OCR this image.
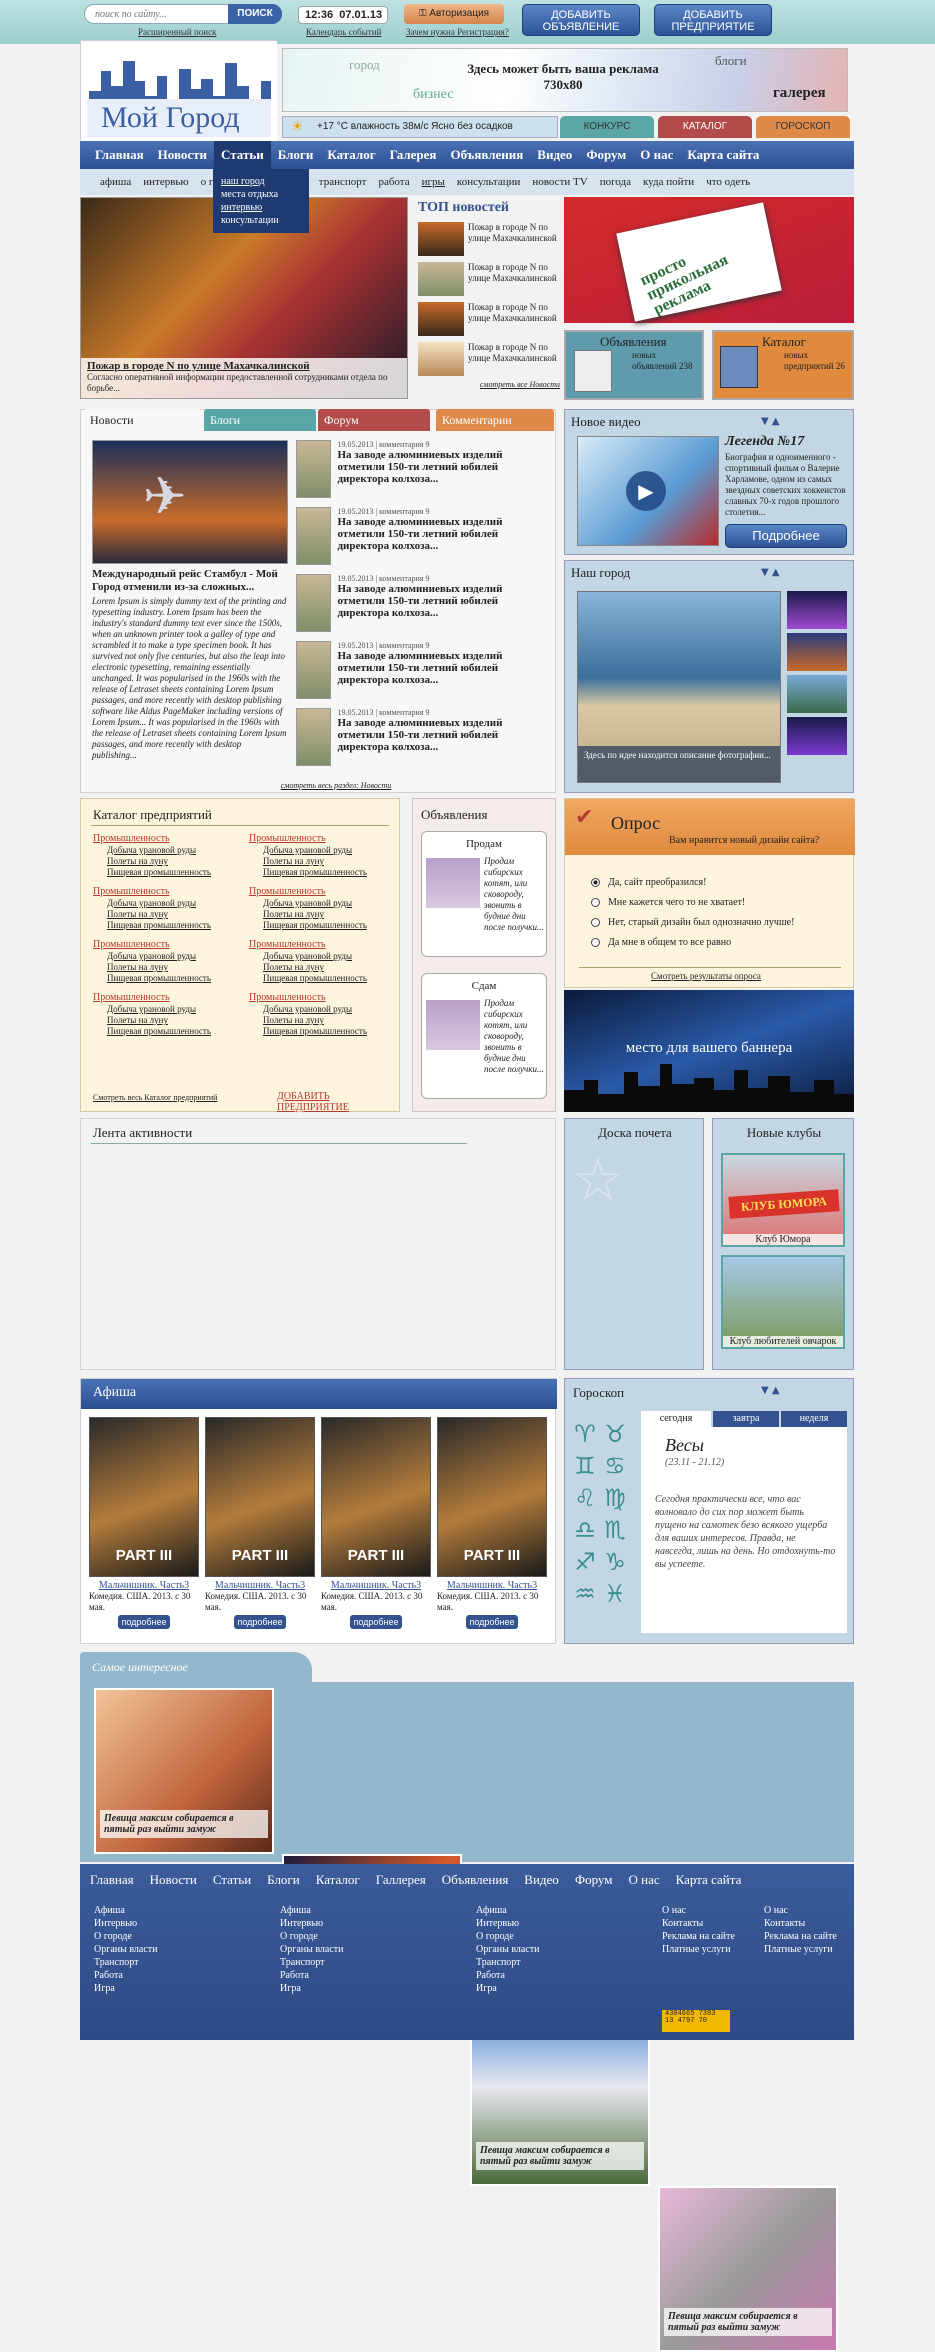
поиск по сайту...
ПОИСК
Расширенный поиск
12:36 07.01.13
Календарь событий
⚿ Авторизация
Зачем нужна Регистрация?
ДОБАВИТЬ ОБЪЯВЛЕНИЕ
ДОБАВИТЬ ПРЕДПРИЯТИЕ
Мой Город
Здесь может быть ваша реклама
730х80
город
бизнес
блоги
галерея
☀ +17 °C влажность 38м/с Ясно без осадков	КОНКУРС	КАТАЛОГ	ГОРОСКОП
Главная	Новости	Статьи	Блоги	Каталог	Галерея	Объявления	Видео	Форум	О нас	Карта сайта
афиша	интервью	о г	транспорт	работа	игры	консультации	новости TV	погода	куда пойти	что одеть
наш город
места отдыха
интервью
консультации
Пожар в городе N по улице Махачкалинской
Согласно оперативной информации предоставленной сотрудниками отдела по борьбе...
ТОП новостей
Пожар в городе N по улице Махачкалинской
Пожар в городе N по улице Махачкалинской
Пожар в городе N по улице Махачкалинской
Пожар в городе N по улице Махачкалинской
смотреть все Новости
просто прикольная реклама
Объявления
новых объявлений 238
Каталог
новых предприятий 26
Новости	Блоги	Форум	Комментарии
✈
Международный рейс Стамбул - Мой Город отменили из-за сложных...
Lorem Ipsum is simply dummy text of the printing and typesetting industry. Lorem Ipsum has been the industry's standard dummy text ever since the 1500s, when an unknown printer took a galley of type and scrambled it to make a type specimen book. It has survived not only five centuries, but also the leap into electronic typesetting, remaining essentially unchanged. It was popularised in the 1960s with the release of Letraset sheets containing Lorem Ipsum passages, and more recently with desktop publishing software like Aldus PageMaker including versions of Lorem Ipsum... It was popularised in the 1960s with the release of Letraset sheets containing Lorem Ipsum passages, and more recently with desktop publishing...
19.05.2013 | комментария 9
На заводе алюминиевых изделий отметили 150-ти летний юбилей директора колхоза...
19.05.2013 | комментария 9
На заводе алюминиевых изделий отметили 150-ти летний юбилей директора колхоза...
19.05.2013 | комментария 9
На заводе алюминиевых изделий отметили 150-ти летний юбилей директора колхоза...
19.05.2013 | комментария 9
На заводе алюминиевых изделий отметили 150-ти летний юбилей директора колхоза...
19.05.2013 | комментария 9
На заводе алюминиевых изделий отметили 150-ти летний юбилей директора колхоза...
смотреть весь раздел: Новости
Новое видео	▼ ▲
▶
Легенда №17
Биография и одноименного - спортивный фильм о Валерие Харламове, одном из самых звездных советских хоккеистов славных 70-х годов прошлого столетия...
Подробнее
Наш город	▼ ▲
Здесь по идее находится описание фотографии...
Каталог предприятий
Промышленность
Добыча урановой руды
Полеты на луну
Пищевая промышленность
Промышленность
Добыча урановой руды
Полеты на луну
Пищевая промышленность
Промышленность
Добыча урановой руды
Полеты на луну
Пищевая промышленность
Промышленность
Добыча урановой руды
Полеты на луну
Пищевая промышленность
Промышленность
Добыча урановой руды
Полеты на луну
Пищевая промышленность
Промышленность
Добыча урановой руды
Полеты на луну
Пищевая промышленность
Промышленность
Добыча урановой руды
Полеты на луну
Пищевая промышленность
Промышленность
Добыча урановой руды
Полеты на луну
Пищевая промышленность
Смотреть весь Каталог предприятий	ДОБАВИТЬ ПРЕДПРИЯТИЕ
Объявления
Продам
Продам сибирских котят, или сковороду, звонить в будние дни после получки...
Сдам
Продам сибирских котят, или сковороду, звонить в будние дни после получки...
✔ Опрос
Вам нравится новый дизайн сайта?
Да, сайт преобразился!
Мне кажется чего то не хватает!
Нет, старый дизайн был однозначно лучше!
Да мне в общем то все равно
Смотреть результаты опроса
место для вашего баннера
Лента активности	Доска почета
☆
Новые клубы
КЛУБ ЮМОРА
Клуб Юмора
Клуб любителей овчарок
Афиша
PART III
Мальчишник. Часть3
Комедия. США. 2013. с 30 мая.
подробнее
PART III
Мальчишник. Часть3
Комедия. США. 2013. с 30 мая.
подробнее
PART III
Мальчишник. Часть3
Комедия. США. 2013. с 30 мая.
подробнее
PART III
Мальчишник. Часть3
Комедия. США. 2013. с 30 мая.
подробнее
Гороскоп	▼ ▲
♈ ♉
♊ ♋
♌ ♍
♎ ♏
♐ ♑
♒ ♓
сегодня	завтра	неделя
Весы
(23.11 - 21.12)
Сегодня практически все, что вас волновало до сих пор может быть пущено на самотек безо всякого ущерба для ваших интересов. Правда, не навсегда, лишь на день. Но отдохнуть-то вы успеете.
Самое интересное

Певица максим собирается в пятый раз выйти замуж

Певица максим собирается в пятый раз выйти замуж

Певица максим собирается в пятый раз выйти замуж

Главная Новости Статьи Блоги Каталог Галлерея Объявления Видео Форум О нас Карта сайта
Афиша
Интервью
О городе
Органы власти
Транспорт
Работа
Игра
Афиша
Интервью
О городе
Органы власти
Транспорт
Работа
Игра
Афиша
Интервью
О городе
Органы власти
Транспорт
Работа
Игра
О нас
Контакты
Реклама на сайте
Платные услуги
О нас
Контакты
Реклама на сайте
Платные услуги
4304665 7383 13 4797 70
